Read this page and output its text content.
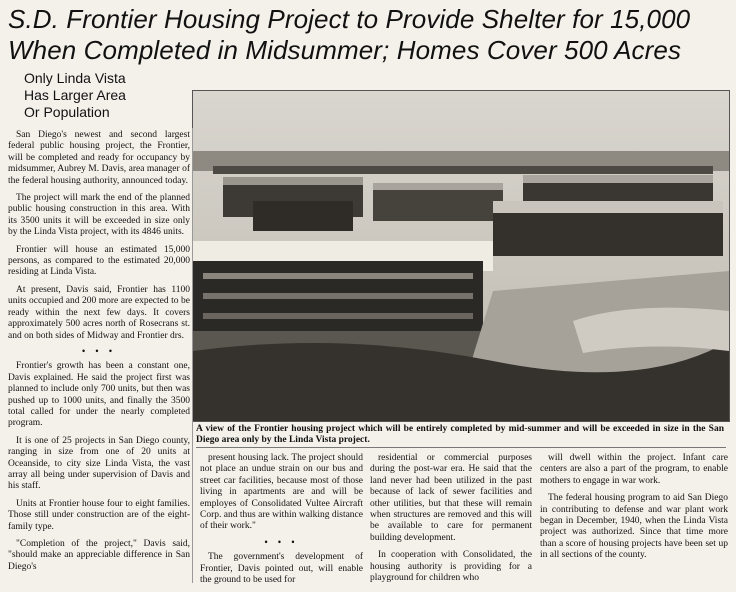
S.D. Frontier Housing Project to Provide Shelter for 15,000
When Completed in Midsummer; Homes Cover 500 Acres
Only Linda Vista
Has Larger Area
Or Population
A view of the Frontier housing project which will be entirely completed by mid-summer and will be exceeded in size in the San Diego area only by the Linda Vista project.

San Diego's newest and second largest federal public housing project, the Frontier, will be completed and ready for occupancy by midsummer, Aubrey M. Davis, area manager of the federal housing authority, announced today.

The project will mark the end of the planned public housing construction in this area. With its 3500 units it will be exceeded in size only by the Linda Vista project, with its 4846 units.

Frontier will house an estimated 15,000 persons, as compared to the estimated 20,000 residing at Linda Vista.

At present, Davis said, Frontier has 1100 units occupied and 200 more are expected to be ready within the next few days. It covers approximately 500 acres north of Rosecrans st. and on both sides of Midway and Frontier drs.

• • •

Frontier's growth has been a constant one, Davis explained. He said the project first was planned to include only 700 units, but then was pushed up to 1000 units, and finally the 3500 total called for under the nearly completed program.

It is one of 25 projects in San Diego county, ranging in size from one of 20 units at Oceanside, to city size Linda Vista, the vast array all being under supervision of Davis and his staff.

Units at Frontier house four to eight families. Those still under construction are of the eight-family type.

"Completion of the project," Davis said, "should make an appreciable difference in San Diego's

present housing lack. The project should not place an undue strain on our bus and street car facilities, because most of those living in apartments are and will be employes of Consolidated Vultee Aircraft Corp. and thus are within walking distance of their work."

• • •

The government's development of Frontier, Davis pointed out, will enable the ground to be used for

residential or commercial purposes during the post-war era. He said that the land never had been utilized in the past because of lack of sewer facilities and other utilities, but that these will remain when structures are removed and this will be available to care for permanent building development.

In cooperation with Consolidated, the housing authority is providing for a playground for children who

will dwell within the project. Infant care centers are also a part of the program, to enable mothers to engage in war work.

The federal housing program to aid San Diego in contributing to defense and war plant work began in December, 1940, when the Linda Vista project was authorized. Since that time more than a score of housing projects have been set up in all sections of the county.
